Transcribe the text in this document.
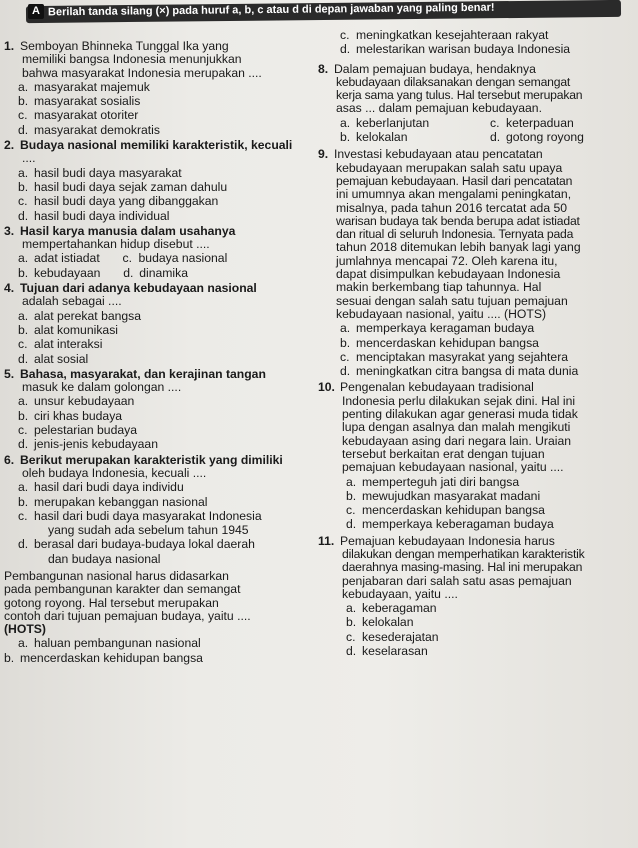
A Berilah tanda silang (×) pada huruf a, b, c atau d di depan jawaban yang paling benar!
1. Semboyan Bhinneka Tunggal Ika yang
memiliki bangsa Indonesia menunjukkan
bahwa masyarakat Indonesia merupakan ....
a. masyarakat majemuk
b. masyarakat sosialis
c. masyarakat otoriter
d. masyarakat demokratis
2. Budaya nasional memiliki karakteristik, kecuali
....
a. hasil budi daya masyarakat
b. hasil budi daya sejak zaman dahulu
c. hasil budi daya yang dibanggakan
d. hasil budi daya individual
3. Hasil karya manusia dalam usahanya
mempertahankan hidup disebut ....
a. adat istiadat c. budaya nasional
b. kebudayaan d. dinamika
4. Tujuan dari adanya kebudayaan nasional
adalah sebagai ....
a. alat perekat bangsa
b. alat komunikasi
c. alat interaksi
d. alat sosial
5. Bahasa, masyarakat, dan kerajinan tangan
masuk ke dalam golongan ....
a. unsur kebudayaan
b. ciri khas budaya
c. pelestarian budaya
d. jenis-jenis kebudayaan
6. Berikut merupakan karakteristik yang dimiliki
oleh budaya Indonesia, kecuali ....
a. hasil dari budi daya individu
b. merupakan kebanggan nasional
c. hasil dari budi daya masyarakat Indonesia
yang sudah ada sebelum tahun 1945
d. berasal dari budaya-budaya lokal daerah
dan budaya nasional
Pembangunan nasional harus didasarkan
pada pembangunan karakter dan semangat
gotong royong. Hal tersebut merupakan
contoh dari tujuan pemajuan budaya, yaitu ....
(HOTS)
a. haluan pembangunan nasional
b. mencerdaskan kehidupan bangsa
c. meningkatkan kesejahteraan rakyat
d. melestarikan warisan budaya Indonesia
8. Dalam pemajuan budaya, hendaknya
kebudayaan dilaksanakan dengan semangat
kerja sama yang tulus. Hal tersebut merupakan
asas ... dalam pemajuan kebudayaan.
a. keberlanjutan	c. keterpaduan
b. kelokalan	d. gotong royong
9. Investasi kebudayaan atau pencatatan
kebudayaan merupakan salah satu upaya
pemajuan kebudayaan. Hasil dari pencatatan
ini umumnya akan mengalami peningkatan,
misalnya, pada tahun 2016 tercatat ada 50
warisan budaya tak benda berupa adat istiadat
dan ritual di seluruh Indonesia. Ternyata pada
tahun 2018 ditemukan lebih banyak lagi yang
jumlahnya mencapai 72. Oleh karena itu,
dapat disimpulkan kebudayaan Indonesia
makin berkembang tiap tahunnya. Hal
sesuai dengan salah satu tujuan pemajuan
kebudayaan nasional, yaitu .... (HOTS)
a. memperkaya keragaman budaya
b. mencerdaskan kehidupan bangsa
c. menciptakan masyrakat yang sejahtera
d. meningkatkan citra bangsa di mata dunia
10. Pengenalan kebudayaan tradisional
Indonesia perlu dilakukan sejak dini. Hal ini
penting dilakukan agar generasi muda tidak
lupa dengan asalnya dan malah mengikuti
kebudayaan asing dari negara lain. Uraian
tersebut berkaitan erat dengan tujuan
pemajuan kebudayaan nasional, yaitu ....
a. memperteguh jati diri bangsa
b. mewujudkan masyarakat madani
c. mencerdaskan kehidupan bangsa
d. memperkaya keberagaman budaya
11. Pemajuan kebudayaan Indonesia harus
dilakukan dengan memperhatikan karakteristik
daerahnya masing-masing. Hal ini merupakan
penjabaran dari salah satu asas pemajuan
kebudayaan, yaitu ....
a. keberagaman
b. kelokalan
c. kesederajatan
d. keselarasan
